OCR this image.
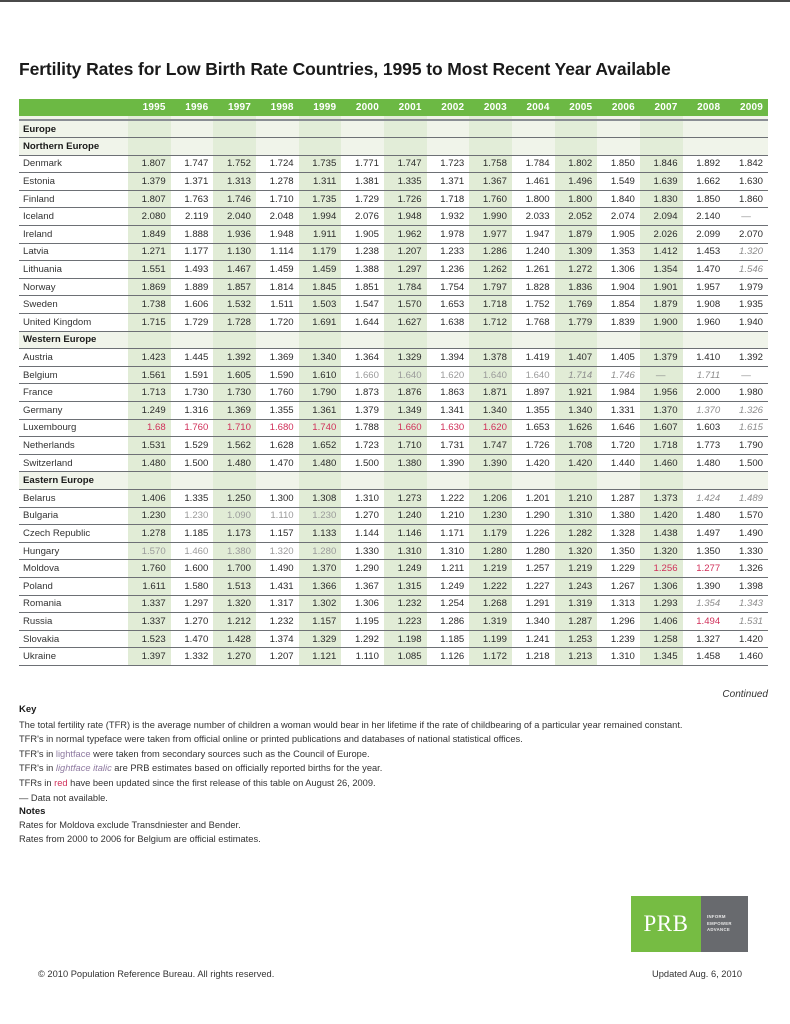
Fertility Rates for Low Birth Rate Countries, 1995 to Most Recent Year Available
	1995	1996	1997	1998	1999	2000	2001	2002	2003	2004	2005	2006	2007	2008	2009

Europe															
Northern Europe															
Denmark	1.807	1.747	1.752	1.724	1.735	1.771	1.747	1.723	1.758	1.784	1.802	1.850	1.846	1.892	1.842
Estonia	1.379	1.371	1.313	1.278	1.311	1.381	1.335	1.371	1.367	1.461	1.496	1.549	1.639	1.662	1.630
Finland	1.807	1.763	1.746	1.710	1.735	1.729	1.726	1.718	1.760	1.800	1.800	1.840	1.830	1.850	1.860
Iceland	2.080	2.119	2.040	2.048	1.994	2.076	1.948	1.932	1.990	2.033	2.052	2.074	2.094	2.140	—
Ireland	1.849	1.888	1.936	1.948	1.911	1.905	1.962	1.978	1.977	1.947	1.879	1.905	2.026	2.099	2.070
Latvia	1.271	1.177	1.130	1.114	1.179	1.238	1.207	1.233	1.286	1.240	1.309	1.353	1.412	1.453	1.320
Lithuania	1.551	1.493	1.467	1.459	1.459	1.388	1.297	1.236	1.262	1.261	1.272	1.306	1.354	1.470	1.546
Norway	1.869	1.889	1.857	1.814	1.845	1.851	1.784	1.754	1.797	1.828	1.836	1.904	1.901	1.957	1.979
Sweden	1.738	1.606	1.532	1.511	1.503	1.547	1.570	1.653	1.718	1.752	1.769	1.854	1.879	1.908	1.935
United Kingdom	1.715	1.729	1.728	1.720	1.691	1.644	1.627	1.638	1.712	1.768	1.779	1.839	1.900	1.960	1.940
Western Europe															
Austria	1.423	1.445	1.392	1.369	1.340	1.364	1.329	1.394	1.378	1.419	1.407	1.405	1.379	1.410	1.392
Belgium	1.561	1.591	1.605	1.590	1.610	1.660	1.640	1.620	1.640	1.640	1.714	1.746	—	1.711	—
France	1.713	1.730	1.730	1.760	1.790	1.873	1.876	1.863	1.871	1.897	1.921	1.984	1.956	2.000	1.980
Germany	1.249	1.316	1.369	1.355	1.361	1.379	1.349	1.341	1.340	1.355	1.340	1.331	1.370	1.370	1.326
Luxembourg	1.68	1.760	1.710	1.680	1.740	1.788	1.660	1.630	1.620	1.653	1.626	1.646	1.607	1.603	1.615
Netherlands	1.531	1.529	1.562	1.628	1.652	1.723	1.710	1.731	1.747	1.726	1.708	1.720	1.718	1.773	1.790
Switzerland	1.480	1.500	1.480	1.470	1.480	1.500	1.380	1.390	1.390	1.420	1.420	1.440	1.460	1.480	1.500
Eastern Europe															
Belarus	1.406	1.335	1.250	1.300	1.308	1.310	1.273	1.222	1.206	1.201	1.210	1.287	1.373	1.424	1.489
Bulgaria	1.230	1.230	1.090	1.110	1.230	1.270	1.240	1.210	1.230	1.290	1.310	1.380	1.420	1.480	1.570
Czech Republic	1.278	1.185	1.173	1.157	1.133	1.144	1.146	1.171	1.179	1.226	1.282	1.328	1.438	1.497	1.490
Hungary	1.570	1.460	1.380	1.320	1.280	1.330	1.310	1.310	1.280	1.280	1.320	1.350	1.320	1.350	1.330
Moldova	1.760	1.600	1.700	1.490	1.370	1.290	1.249	1.211	1.219	1.257	1.219	1.229	1.256	1.277	1.326
Poland	1.611	1.580	1.513	1.431	1.366	1.367	1.315	1.249	1.222	1.227	1.243	1.267	1.306	1.390	1.398
Romania	1.337	1.297	1.320	1.317	1.302	1.306	1.232	1.254	1.268	1.291	1.319	1.313	1.293	1.354	1.343
Russia	1.337	1.270	1.212	1.232	1.157	1.195	1.223	1.286	1.319	1.340	1.287	1.296	1.406	1.494	1.531
Slovakia	1.523	1.470	1.428	1.374	1.329	1.292	1.198	1.185	1.199	1.241	1.253	1.239	1.258	1.327	1.420
Ukraine	1.397	1.332	1.270	1.207	1.121	1.110	1.085	1.126	1.172	1.218	1.213	1.310	1.345	1.458	1.460
Continued
Key
The total fertility rate (TFR) is the average number of children a woman would bear in her lifetime if the rate of childbearing of a particular year remained constant.
TFR's in normal typeface were taken from official online or printed publications and databases of national statistical offices.
TFR's in lightface were taken from secondary sources such as the Council of Europe.
TFR's in lightface italic are PRB estimates based on officially reported births for the year.
TFRs in red have been updated since the first release of this table on August 26, 2009.
— Data not available.
Notes
Rates for Moldova exclude Transdniester and Bender.
Rates from 2000 to 2006 for Belgium are official estimates.
PRB	INFORM
EMPOWER
ADVANCE
© 2010 Population Reference Bureau. All rights reserved.	Updated Aug. 6, 2010
